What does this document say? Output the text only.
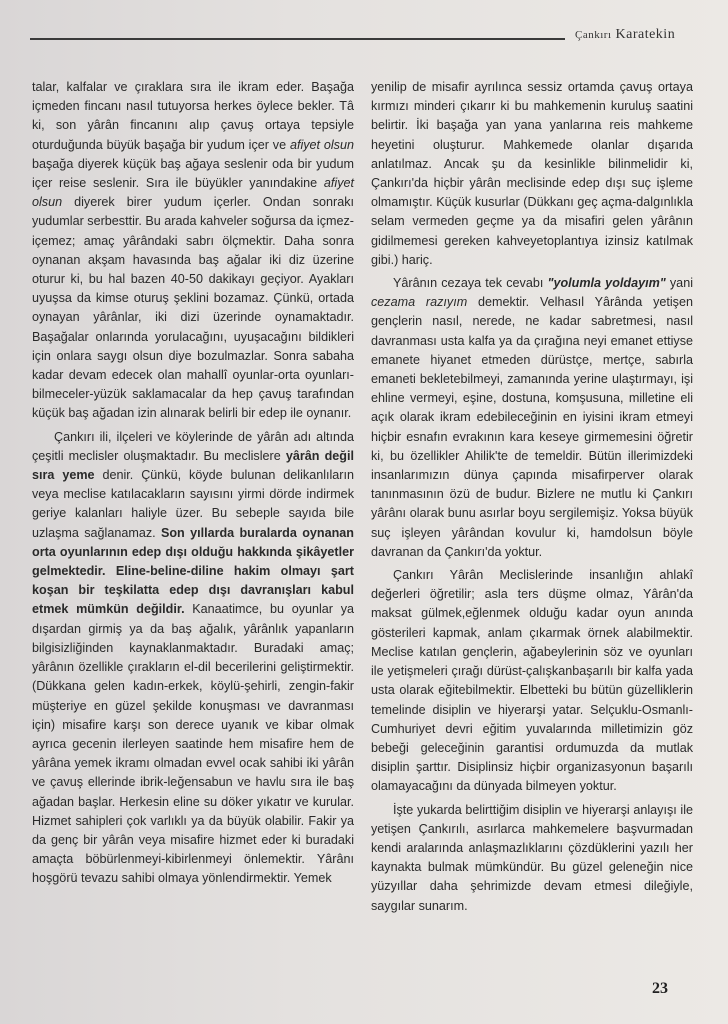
Çankırı Karatekin

talar, kalfalar ve çıraklara sıra ile ikram eder. Başağa içmeden fincanı nasıl tutuyorsa herkes öylece bekler. Tâ ki, son yârân fincanını alıp çavuş ortaya tepsiyle oturduğunda büyük başağa bir yudum içer ve afiyet olsun başağa diyerek küçük baş ağaya seslenir oda bir yudum içer reise seslenir. Sıra ile büyükler yanındakine afiyet olsun diyerek birer yudum içerler. Ondan sonrakı yudumlar serbesttir. Bu arada kahveler soğursa da içmez-içemez; amaç yârândaki sabrı ölçmektir. Daha sonra oynanan akşam havasında baş ağalar iki diz üzerine oturur ki, bu hal bazen 40-50 dakikayı geçiyor. Ayakları uyuşsa da kimse oturuş şeklini bozamaz. Çünkü, ortada oynayan yârânlar, iki dizi üzerinde oynamaktadır. Başağalar onlarında yorulacağını, uyuşacağını bildikleri için onlara saygı olsun diye bozulmazlar. Sonra sabaha kadar devam edecek olan mahallî oyunlar-orta oyunları-bilmeceler-yüzük saklamacalar da hep çavuş tarafından küçük baş ağadan izin alınarak belirli bir edep ile oynanır.

Çankırı ili, ilçeleri ve köylerinde de yârân adı altında çeşitli meclisler oluşmaktadır. Bu meclislere yârân değil sıra yeme denir. Çünkü, köyde bulunan delikanlıların veya meclise katılacakların sayısını yirmi dörde indirmek geriye kalanları haliyle üzer. Bu sebeple sayıda bile uzlaşma sağlanamaz. Son yıllarda buralarda oynanan orta oyunlarının edep dışı olduğu hakkında şikâyetler gelmektedir. Eline-beline-diline hakim olmayı şart koşan bir teşkilatta edep dışı davranışları kabul etmek mümkün değildir. Kanaatimce, bu oyunlar ya dışardan girmiş ya da baş ağalık, yârânlık yapanların bilgisizliğinden kaynaklanmaktadır. Buradaki amaç; yârânın özellikle çırakların el-dil becerilerini geliştirmektir. (Dükkana gelen kadın-erkek, köylü-şehirli, zengin-fakir müşteriye en güzel şekilde konuşması ve davranması için) misafire karşı son derece uyanık ve kibar olmak ayrıca gecenin ilerleyen saatinde hem misafire hem de yârâna yemek ikramı olmadan evvel ocak sahibi iki yârân ve çavuş ellerinde ibrik-leğensabun ve havlu sıra ile baş ağadan başlar. Herkesin eline su döker yıkatır ve kurular. Hizmet sahipleri çok varlıklı ya da büyük olabilir. Fakir ya da genç bir yârân veya misafire hizmet eder ki buradaki amaçta böbürlenmeyi-kibirlenmeyi önlemektir. Yârânı hoşgörü tevazu sahibi olmaya yönlendirmektir. Yemek

yenilip de misafir ayrılınca sessiz ortamda çavuş ortaya kırmızı minderi çıkarır ki bu mahkemenin kuruluş saatini belirtir. İki başağa yan yana yanlarına reis mahkeme heyetini oluşturur. Mahkemede olanlar dışarıda anlatılmaz. Ancak şu da kesinlikle bilinmelidir ki, Çankırı'da hiçbir yârân meclisinde edep dışı suç işleme olmamıştır. Küçük kusurlar (Dükkanı geç açma-dalgınlıkla selam vermeden geçme ya da misafiri gelen yârânın gidilmemesi gereken kahveyetoplantıya izinsiz katılmak gibi.) hariç.

Yârânın cezaya tek cevabı "yolumla yoldayım" yani cezama razıyım demektir. Velhasıl Yârânda yetişen gençlerin nasıl, nerede, ne kadar sabretmesi, nasıl davranması usta kalfa ya da çırağına neyi emanet ettiyse emanete hiyanet etmeden dürüstçe, mertçe, sabırla emaneti bekletebilmeyi, zamanında yerine ulaştırmayı, işi ehline vermeyi, eşine, dostuna, komşusuna, milletine eli açık olarak ikram edebileceğinin en iyisini ikram etmeyi hiçbir esnafın evrakının kara keseye girmemesini öğretir ki, bu özellikler Ahilik'te de temeldir. Bütün illerimizdeki insanlarımızın dünya çapında misafirperver olarak tanınmasının özü de budur. Bizlere ne mutlu ki Çankırı yârânı olarak bunu asırlar boyu sergilemişiz. Yoksa büyük suç işleyen yârândan kovulur ki, hamdolsun böyle davranan da Çankırı'da yoktur.

Çankırı Yârân Meclislerinde insanlığın ahlakî değerleri öğretilir; asla ters düşme olmaz, Yârân'da maksat gülmek,eğlenmek olduğu kadar oyun anında gösterileri kapmak, anlam çıkarmak örnek alabilmektir. Meclise katılan gençlerin, ağabeylerinin söz ve oyunları ile yetişmeleri çırağı dürüst-çalışkanbaşarılı bir kalfa yada usta olarak eğitebilmektir. Elbetteki bu bütün güzelliklerin temelinde disiplin ve hiyerarşi yatar. Selçuklu-Osmanlı-Cumhuriyet devri eğitim yuvalarında milletimizin göz bebeği geleceğinin garantisi ordumuzda da mutlak disiplin şarttır. Disiplinsiz hiçbir organizasyonun başarılı olamayacağını da dünyada bilmeyen yoktur.

İşte yukarda belirttiğim disiplin ve hiyerarşi anlayışı ile yetişen Çankırılı, asırlarca mahkemelere başvurmadan kendi aralarında anlaşmazlıklarını çözdüklerini yazılı her kaynakta bulmak mümkündür. Bu güzel geleneğin nice yüzyıllar daha şehrimizde devam etmesi dileğiyle, saygılar sunarım.

23
